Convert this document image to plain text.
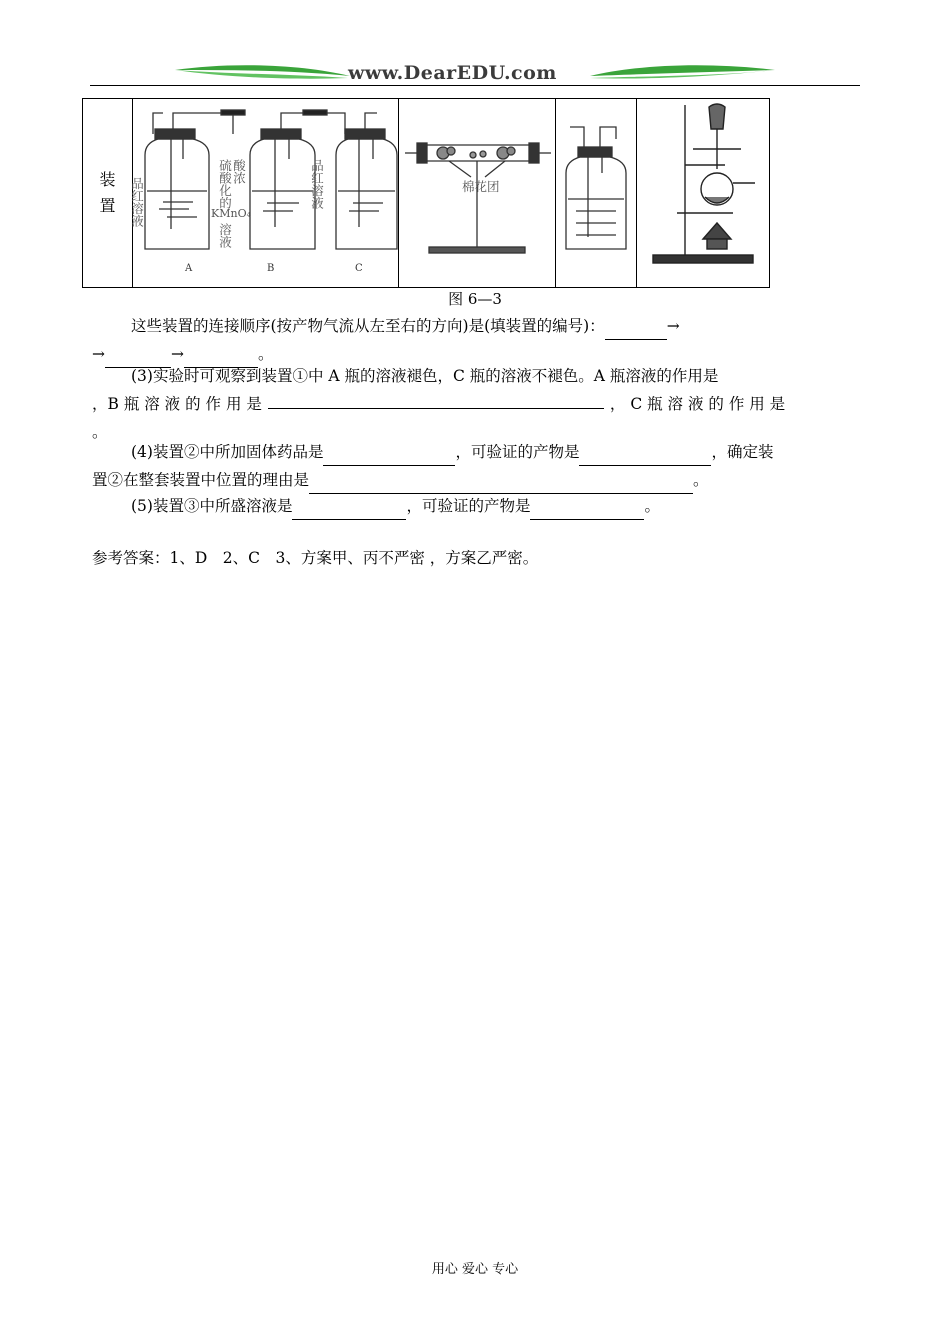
www.DearEDU.com
装置	品红溶液	硫酸化的 酸浓
KMnO₄
溶液
品红溶液
A	B	C

棉花团

图 6—3
这些装置的连接顺序(按产物气流从左至右的方向)是(填装置的编号)：	→
→	→	。
(3)实验时可观察到装置①中 A 瓶的溶液褪色，C 瓶的溶液不褪色。A 瓶溶液的作用是
，B 瓶 溶 液 的 作 用 是	， C 瓶 溶 液 的 作 用 是
。
(4)装置②中所加固体药品是	，可验证的产物是	，确定装
置②在整套装置中位置的理由是	。
(5)装置③中所盛溶液是	，可验证的产物是	。
参考答案：1、D　2、C　3、方案甲、丙不严密 ，方案乙严密。
用心 爱心 专心
